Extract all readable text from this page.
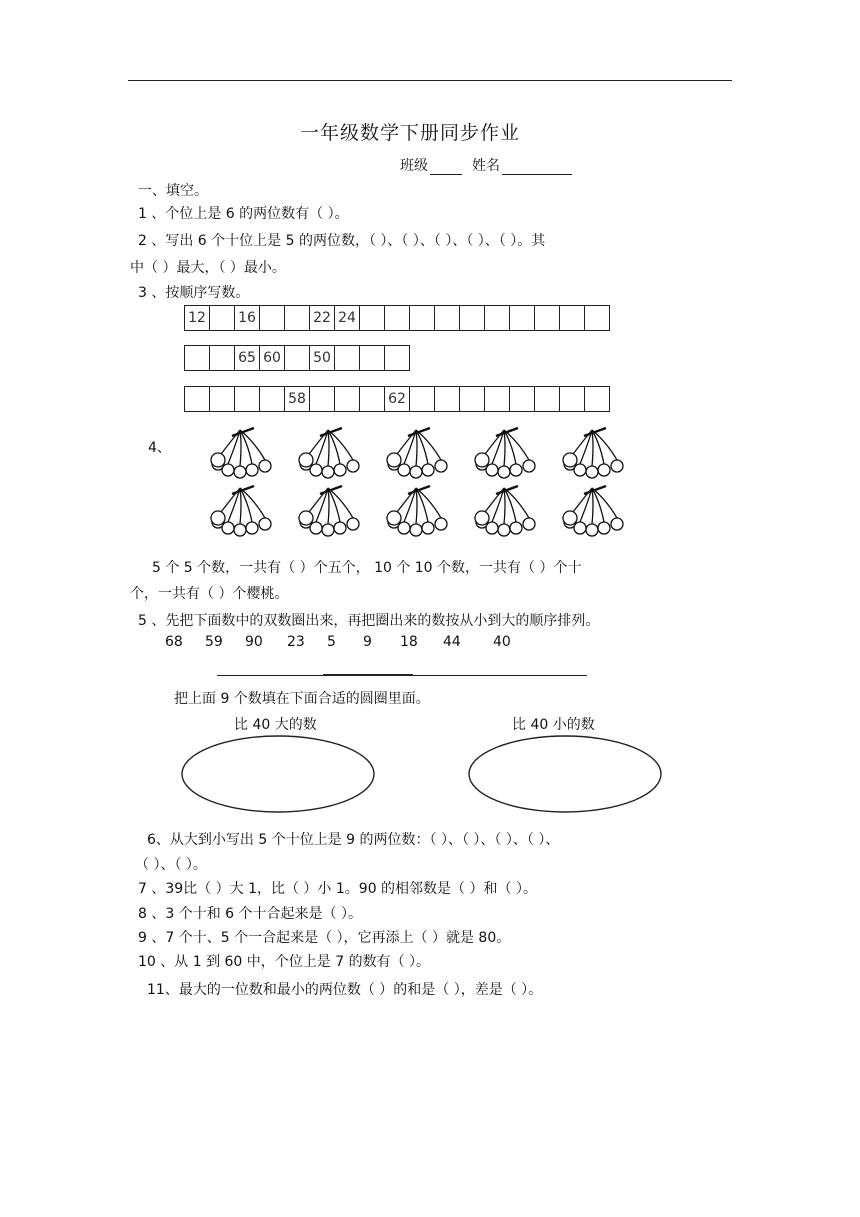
一年级数学下册同步作业
班级	姓名
一、填空。
1 、个位上是 6 的两位数有（ ）。
2 、写出 6 个十位上是 5 的两位数，（ ）、（ ）、（ ）、（ ）、（ ）。其
中（ ）最大，（ ）最小。
3 、按顺序写数。
12 16	22 24
65 60 50
58	62
4、
5 个 5 个数，一共有（ ）个五个， 10 个 10 个数，一共有（ ）个十
个，一共有（ ）个樱桃。
5 、先把下面数中的双数圈出来，再把圈出来的数按从小到大的顺序排列。
68 59 90 23 5 9 18 44 40
把上面 9 个数填在下面合适的圆圈里面。
比 40 大的数	比 40 小的数
6、从大到小写出 5 个十位上是 9 的两位数：（ ）、（ ）、（ ）、（ ）、
（ ）、（ ）。
7 、39比（ ）大 1，比（ ）小 1。90 的相邻数是（ ）和（ ）。
8 、3 个十和 6 个十合起来是（ ）。
9 、7 个十、5 个一合起来是（ ），它再添上（ ）就是 80。
10 、从 1 到 60 中，个位上是 7 的数有（ ）。
11、最大的一位数和最小的两位数（ ）的和是（ ），差是（ ）。
